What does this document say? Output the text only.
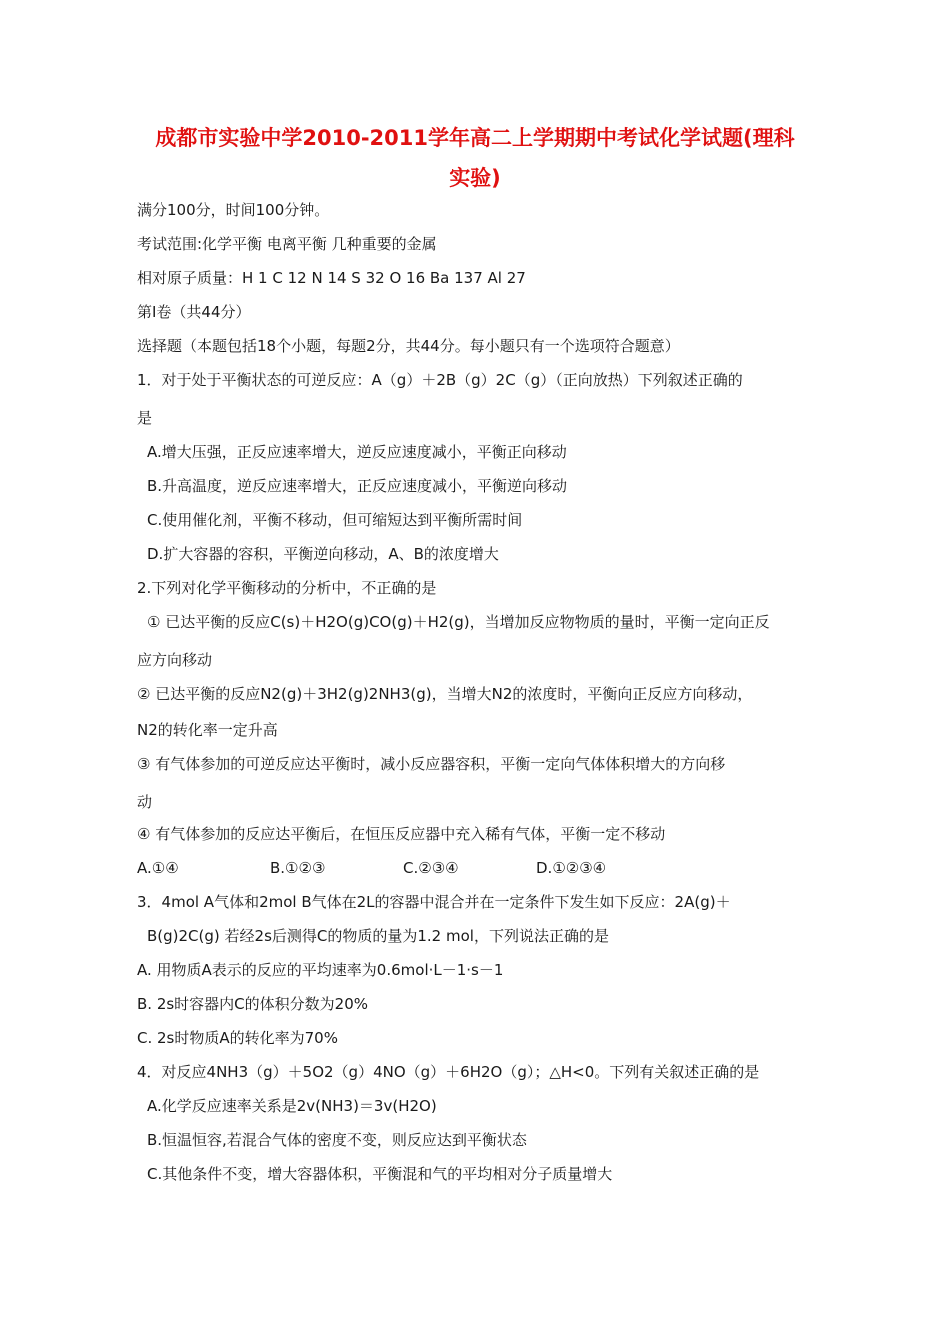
成都市实验中学2010-2011学年高二上学期期中考试化学试题(理科
实验)
满分100分，时间100分钟。
考试范围:化学平衡 电离平衡 几种重要的金属
相对原子质量：H 1 C 12 N 14 S 32 O 16 Ba 137 Al 27
第Ⅰ卷（共44分）
选择题（本题包括18个小题，每题2分，共44分。每小题只有一个选项符合题意）
1．对于处于平衡状态的可逆反应：A（g）＋2B（g）2C（g）（正向放热）下列叙述正确的
是
A.增大压强，正反应速率增大，逆反应速度减小，平衡正向移动
B.升高温度，逆反应速率增大，正反应速度减小，平衡逆向移动
C.使用催化剂，平衡不移动，但可缩短达到平衡所需时间
D.扩大容器的容积，平衡逆向移动，A、B的浓度增大
2.下列对化学平衡移动的分析中，不正确的是
① 已达平衡的反应C(s)＋H2O(g)CO(g)＋H2(g)，当增加反应物物质的量时，平衡一定向正反
应方向移动
② 已达平衡的反应N2(g)＋3H2(g)2NH3(g)，当增大N2的浓度时，平衡向正反应方向移动，
N2的转化率一定升高
③ 有气体参加的可逆反应达平衡时，减小反应器容积，平衡一定向气体体积增大的方向移
动
④ 有气体参加的反应达平衡后，在恒压反应器中充入稀有气体，平衡一定不移动
A.①④	B.①②③	C.②③④	D.①②③④
3．4mol A气体和2mol B气体在2L的容器中混合并在一定条件下发生如下反应：2A(g)＋
B(g)2C(g) 若经2s后测得C的物质的量为1.2 mol，下列说法正确的是
A. 用物质A表示的反应的平均速率为0.6mol·L－1·s－1
B. 2s时容器内C的体积分数为20%
C. 2s时物质A的转化率为70%
4．对反应4NH3（g）＋5O2（g）4NO（g）＋6H2O（g）；△H<0。下列有关叙述正确的是
A.化学反应速率关系是2v(NH3)＝3v(H2O)
B.恒温恒容,若混合气体的密度不变，则反应达到平衡状态
C.其他条件不变，增大容器体积，平衡混和气的平均相对分子质量增大
